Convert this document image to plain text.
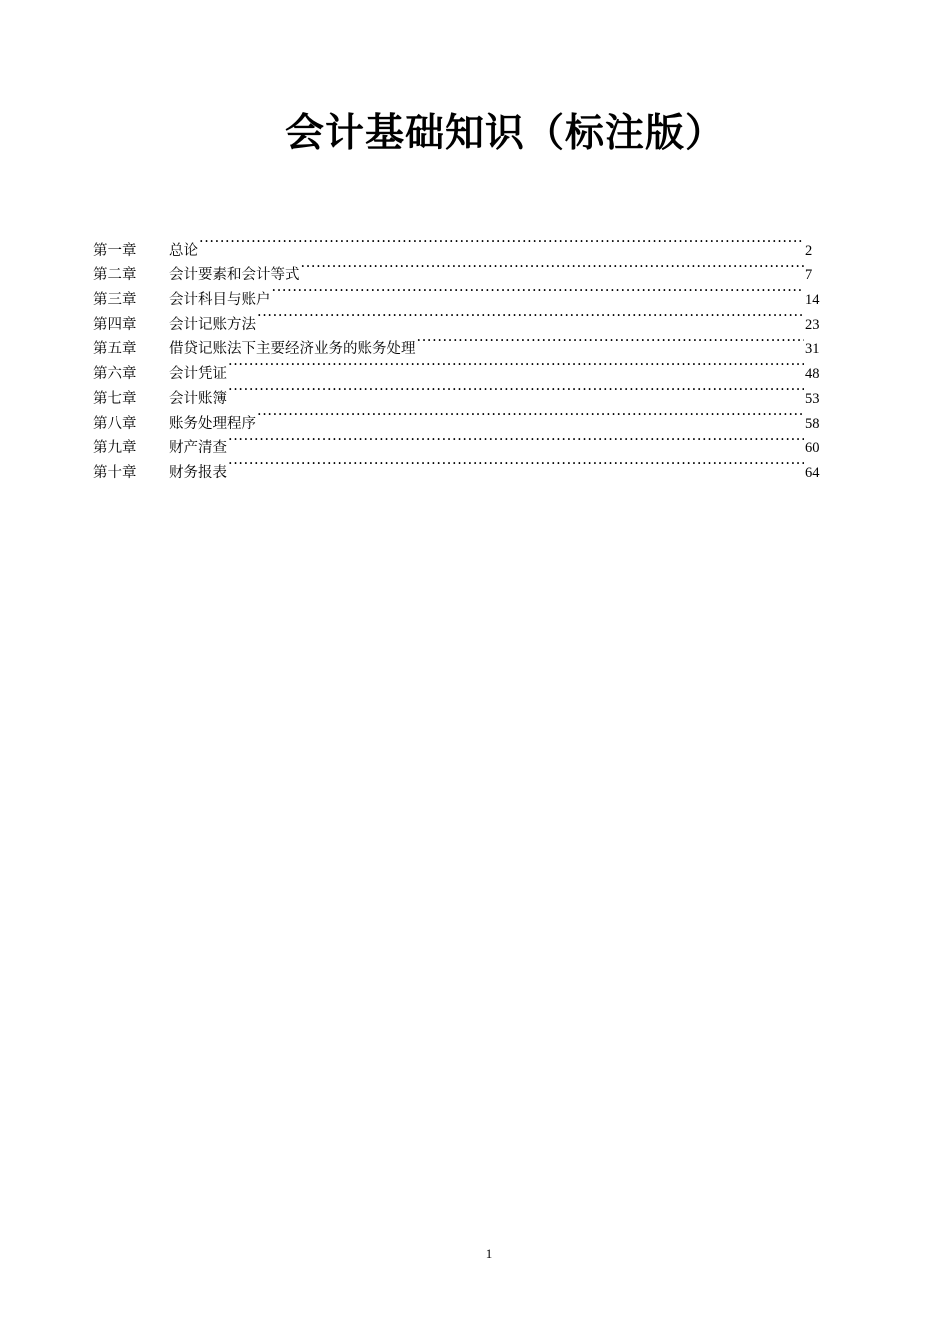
会计基础知识（标注版）
第一章	总论 ·····	2
第二章	会计要素和会计等式 ·····	7
第三章	会计科目与账户 ·····	14
第四章	会计记账方法 ·····	23
第五章	借贷记账法下主要经济业务的账务处理 ·····	31
第六章	会计凭证 ·····	48
第七章	会计账簿 ·····	53
第八章	账务处理程序 ·····	58
第九章	财产清查 ·····	60
第十章	财务报表 ·····	64
1
